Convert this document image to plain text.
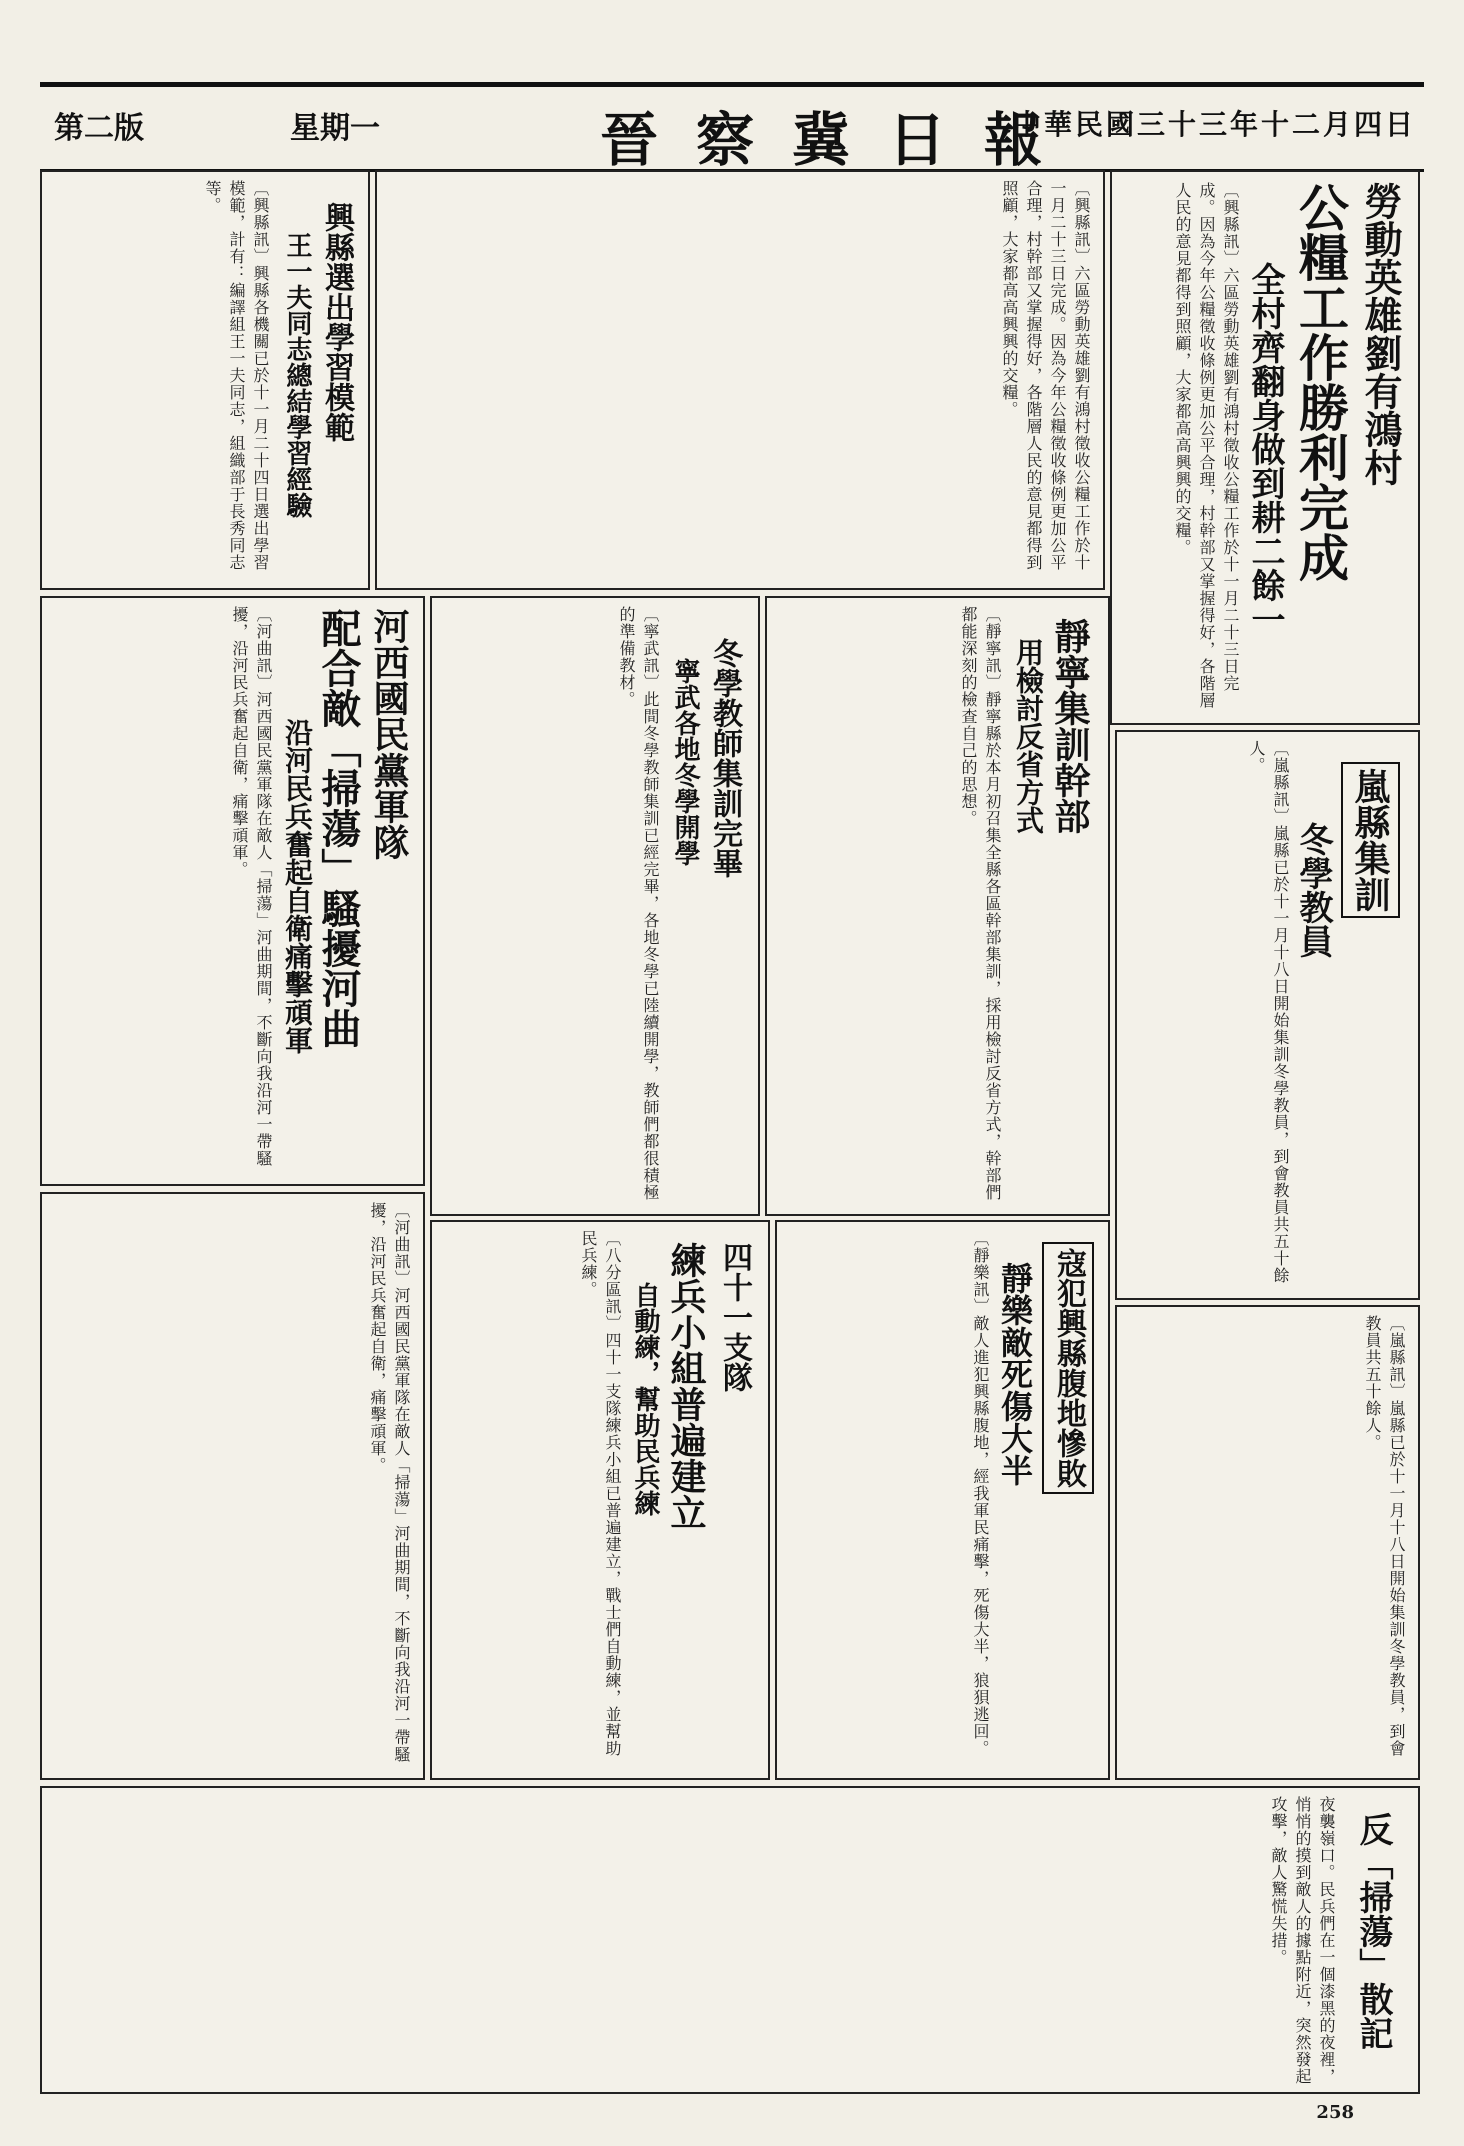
第二版	星期一	晉察冀日報
中華民國三十三年十二月四日
勞動英雄劉有鴻村
公糧工作勝利完成
全村齊翻身做到耕二餘一
〔興縣訊〕六區勞動英雄劉有鴻村徵收公糧工作於十一月二十三日完成。因為今年公糧徵收條例更加公平合理，村幹部又掌握得好，各階層人民的意見都得到照顧，大家都高高興興的交糧。
〔興縣訊〕六區勞動英雄劉有鴻村徵收公糧工作於十一月二十三日完成。因為今年公糧徵收條例更加公平合理，村幹部又掌握得好，各階層人民的意見都得到照顧，大家都高高興興的交糧。
興縣選出學習模範
王一夫同志總結學習經驗
〔興縣訊〕興縣各機關已於十一月二十四日選出學習模範，計有：編譯組王一夫同志，組織部于長秀同志等。
河西國民黨軍隊
配合敵「掃蕩」騷擾河曲
沿河民兵奮起自衛痛擊頑軍
〔河曲訊〕河西國民黨軍隊在敵人「掃蕩」河曲期間，不斷向我沿河一帶騷擾，沿河民兵奮起自衛，痛擊頑軍。	冬學教師集訓完畢
寧武各地冬學開學
〔寧武訊〕此間冬學教師集訓已經完畢，各地冬學已陸續開學，教師們都很積極的準備教材。	靜寧集訓幹部
用檢討反省方式
〔靜寧訊〕靜寧縣於本月初召集全縣各區幹部集訓，採用檢討反省方式，幹部們都能深刻的檢查自己的思想。
嵐縣集訓
冬學教員
〔嵐縣訊〕嵐縣已於十一月十八日開始集訓冬學教員，到會教員共五十餘人。
四十一支隊
練兵小組普遍建立
自動練，幫助民兵練
〔八分區訊〕四十一支隊練兵小組已普遍建立，戰士們自動練，並幫助民兵練。	寇犯興縣腹地慘敗
靜樂敵死傷大半
〔靜樂訊〕敵人進犯興縣腹地，經我軍民痛擊，死傷大半，狼狽逃回。
〔河曲訊〕河西國民黨軍隊在敵人「掃蕩」河曲期間，不斷向我沿河一帶騷擾，沿河民兵奮起自衛，痛擊頑軍。	〔嵐縣訊〕嵐縣已於十一月十八日開始集訓冬學教員，到會教員共五十餘人。
反「掃蕩」散記
夜襲嶺口。民兵們在一個漆黑的夜裡，悄悄的摸到敵人的據點附近，突然發起攻擊，敵人驚慌失措。
258
